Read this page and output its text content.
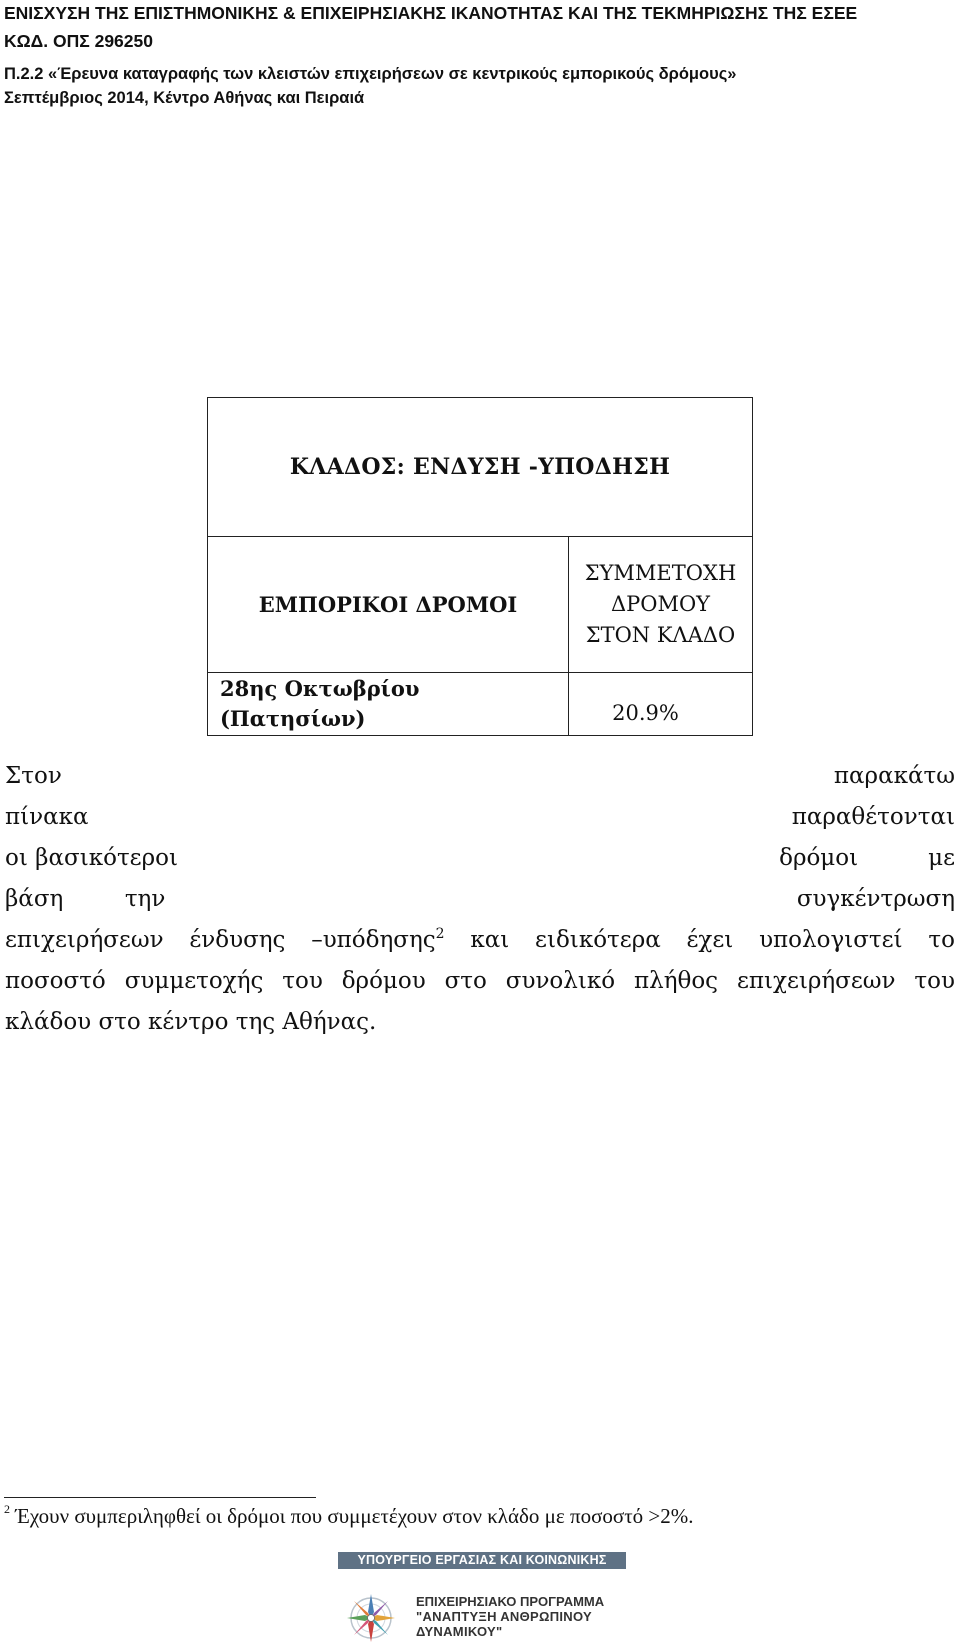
ΕΝΙΣΧΥΣΗ ΤΗΣ ΕΠΙΣΤΗΜΟΝΙΚΗΣ & ΕΠΙΧΕΙΡΗΣΙΑΚΗΣ ΙΚΑΝΟΤΗΤΑΣ ΚΑΙ ΤΗΣ ΤΕΚΜΗΡΙΩΣΗΣ ΤΗΣ ΕΣΕΕ
ΚΩΔ. ΟΠΣ 296250
Π.2.2 «Έρευνα καταγραφής των κλειστών επιχειρήσεων σε κεντρικούς εμπορικούς δρόμους»
Σεπτέμβριος 2014, Κέντρο Αθήνας και Πειραιά
ΚΛΑΔΟΣ: ΕΝΔΥΣΗ -ΥΠΟΔΗΣΗ	
ΕΜΠΟΡΙΚΟΙ ΔΡΟΜΟΙ	ΣΥΜΜΕΤΟΧΗ
ΔΡΟΜΟΥ
ΣΤΟΝ ΚΛΑΔΟ

28ης Οκτωβρίου
(Πατησίων)	20.9%
Στον	παρακάτω
πίνακα	παραθέτονται
οι βασικότεροι	δρόμοι	με
βάση	την	συγκέντρωση
επιχειρήσεων ένδυσης –υπόδησης$^2$ και ειδικότερα έχει υπολογιστεί το
ποσοστό συμμετοχής του δρόμου στο συνολικό πλήθος επιχειρήσεων του
κλάδου στο κέντρο της Αθήνας.
$^2$ Έχουν συμπεριληφθεί οι δρόμοι που συμμετέχουν στον κλάδο με ποσοστό >2%.
ΥΠΟΥΡΓΕΙΟ ΕΡΓΑΣΙΑΣ ΚΑΙ ΚΟΙΝΩΝΙΚΗΣ ΑΣΦΑΛΙΣΗΣ
ΕΠΙΧΕΙΡΗΣΙΑΚΟ ΠΡΟΓΡΑΜΜΑ
"ΑΝΑΠΤΥΞΗ ΑΝΘΡΩΠΙΝΟΥ ΔΥΝΑΜΙΚΟΥ"
